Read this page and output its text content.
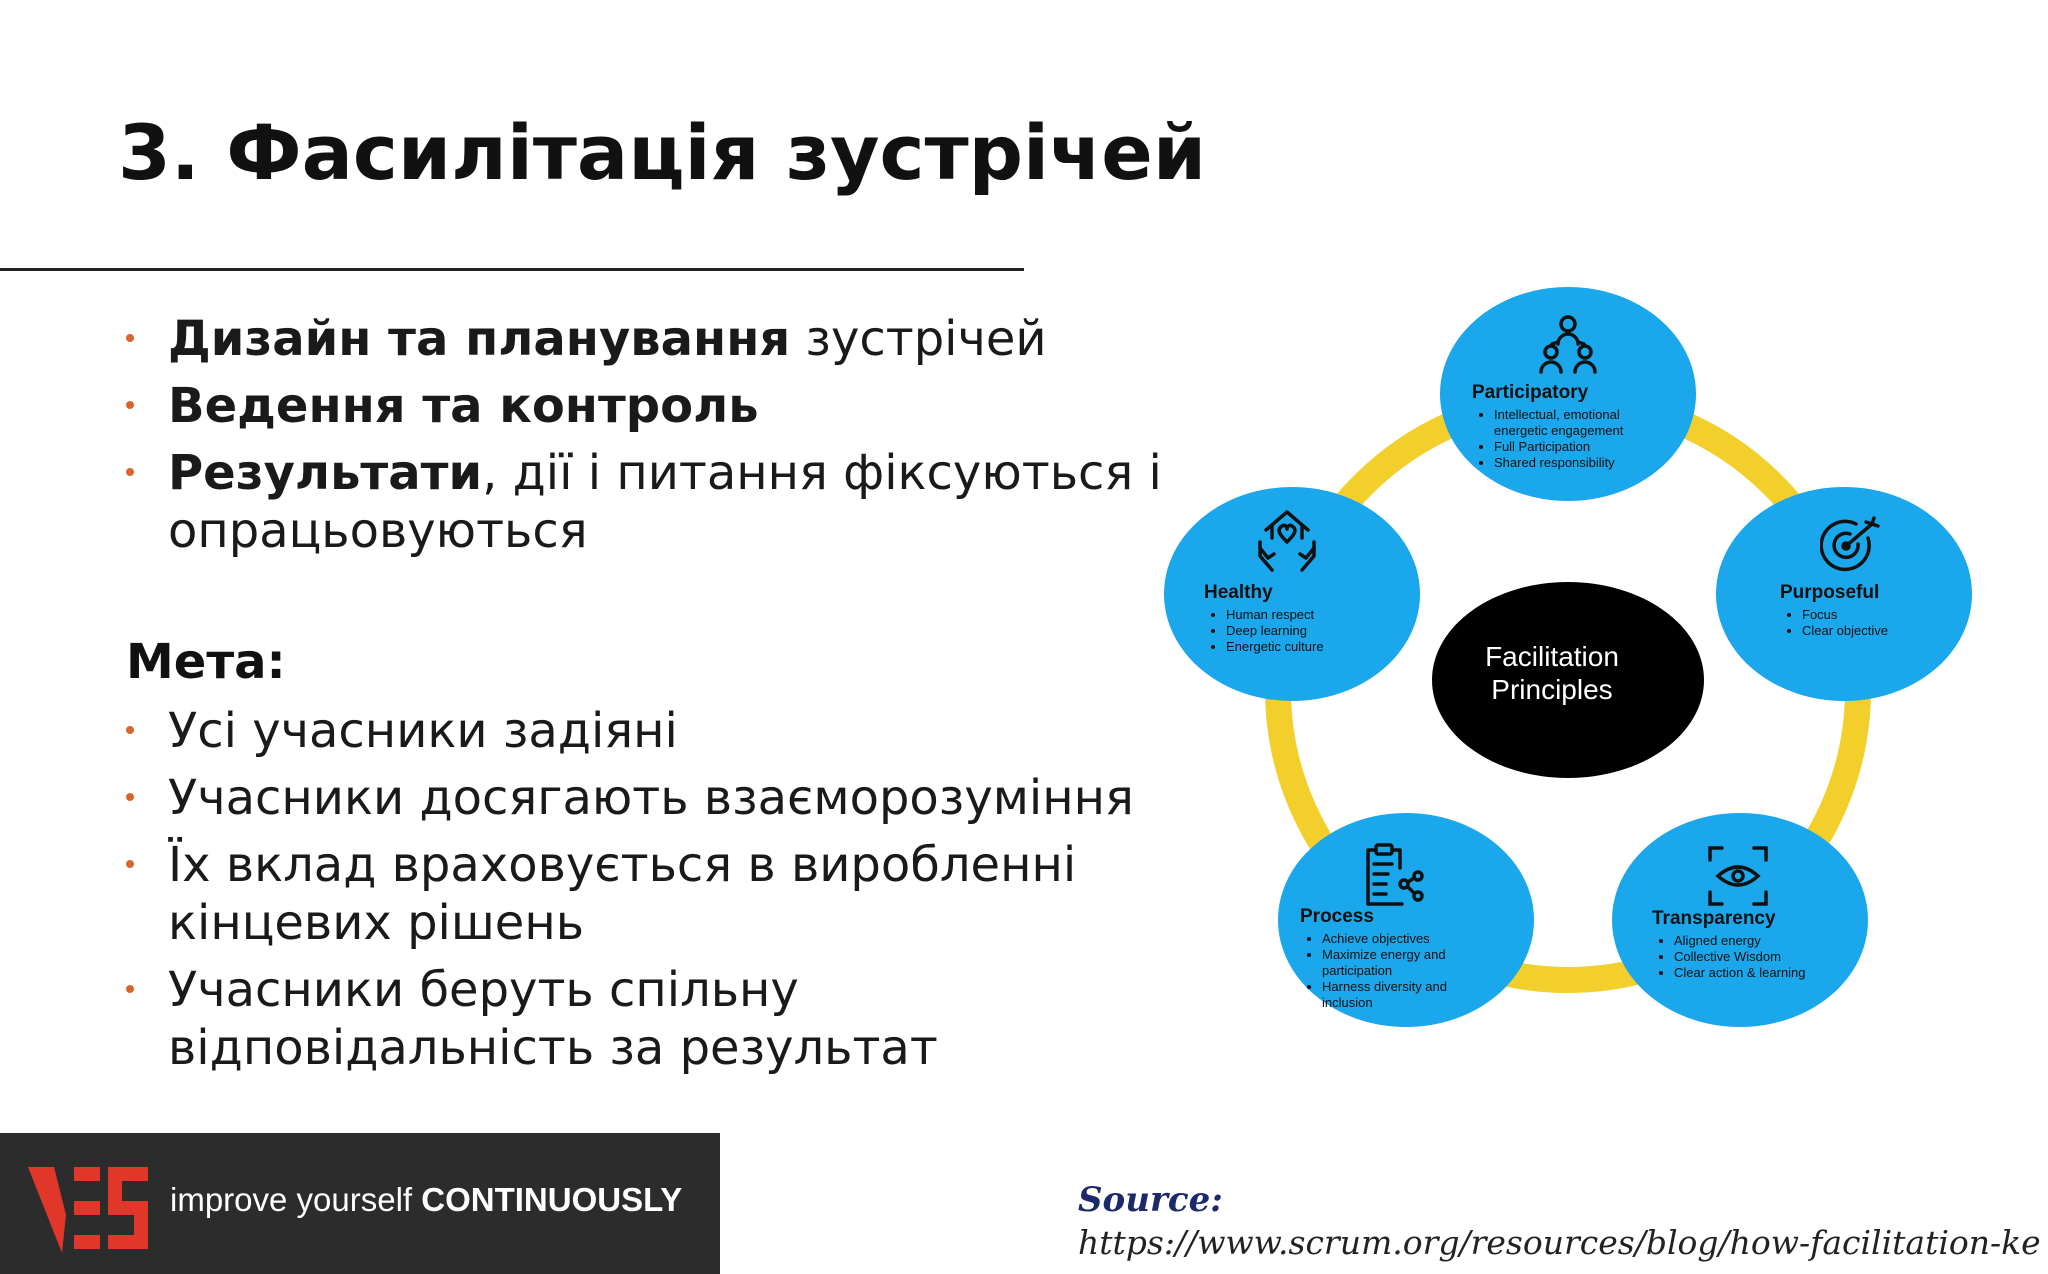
3. Фасилітація зустрічей
Дизайн та планування зустрічей
Ведення та контроль
Результати, дії і питання фіксуються і опрацьовуються
Мета:
Усі учасники задіяні
Учасники досягають взаєморозуміння
Їх вклад враховується в виробленні кінцевих рішень
Учасники беруть спільну відповідальність за результат
Facilitation Principles
Participatory
• Intellectual, emotional energetic engagement
• Full Participation
• Shared responsibility
Purposeful
• Focus
• Clear objective
Transparency
• Aligned energy
• Collective Wisdom
• Clear action & learning
Process
• Achieve objectives
• Maximize energy and participation
• Harness diversity and inclusion
Healthy
• Human respect
• Deep learning
• Energetic culture
improve yourself CONTINUOUSLY	Source:
https://www.scrum.org/resources/blog/how-facilitation-ke
